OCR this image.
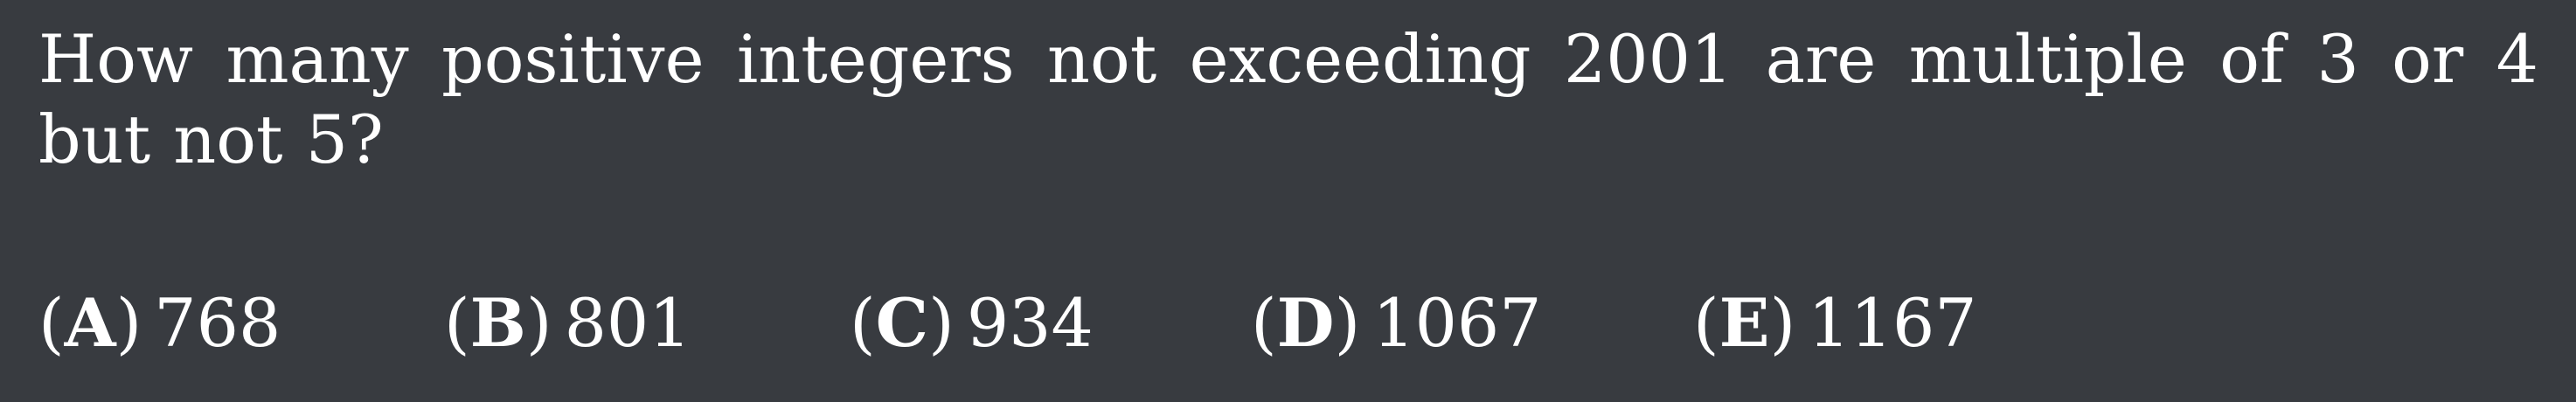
How many positive integers not exceeding 2001 are multiple of 3 or 4 but not 5?
(A) 768 (B) 801 (C) 934 (D) 1067 (E) 1167
